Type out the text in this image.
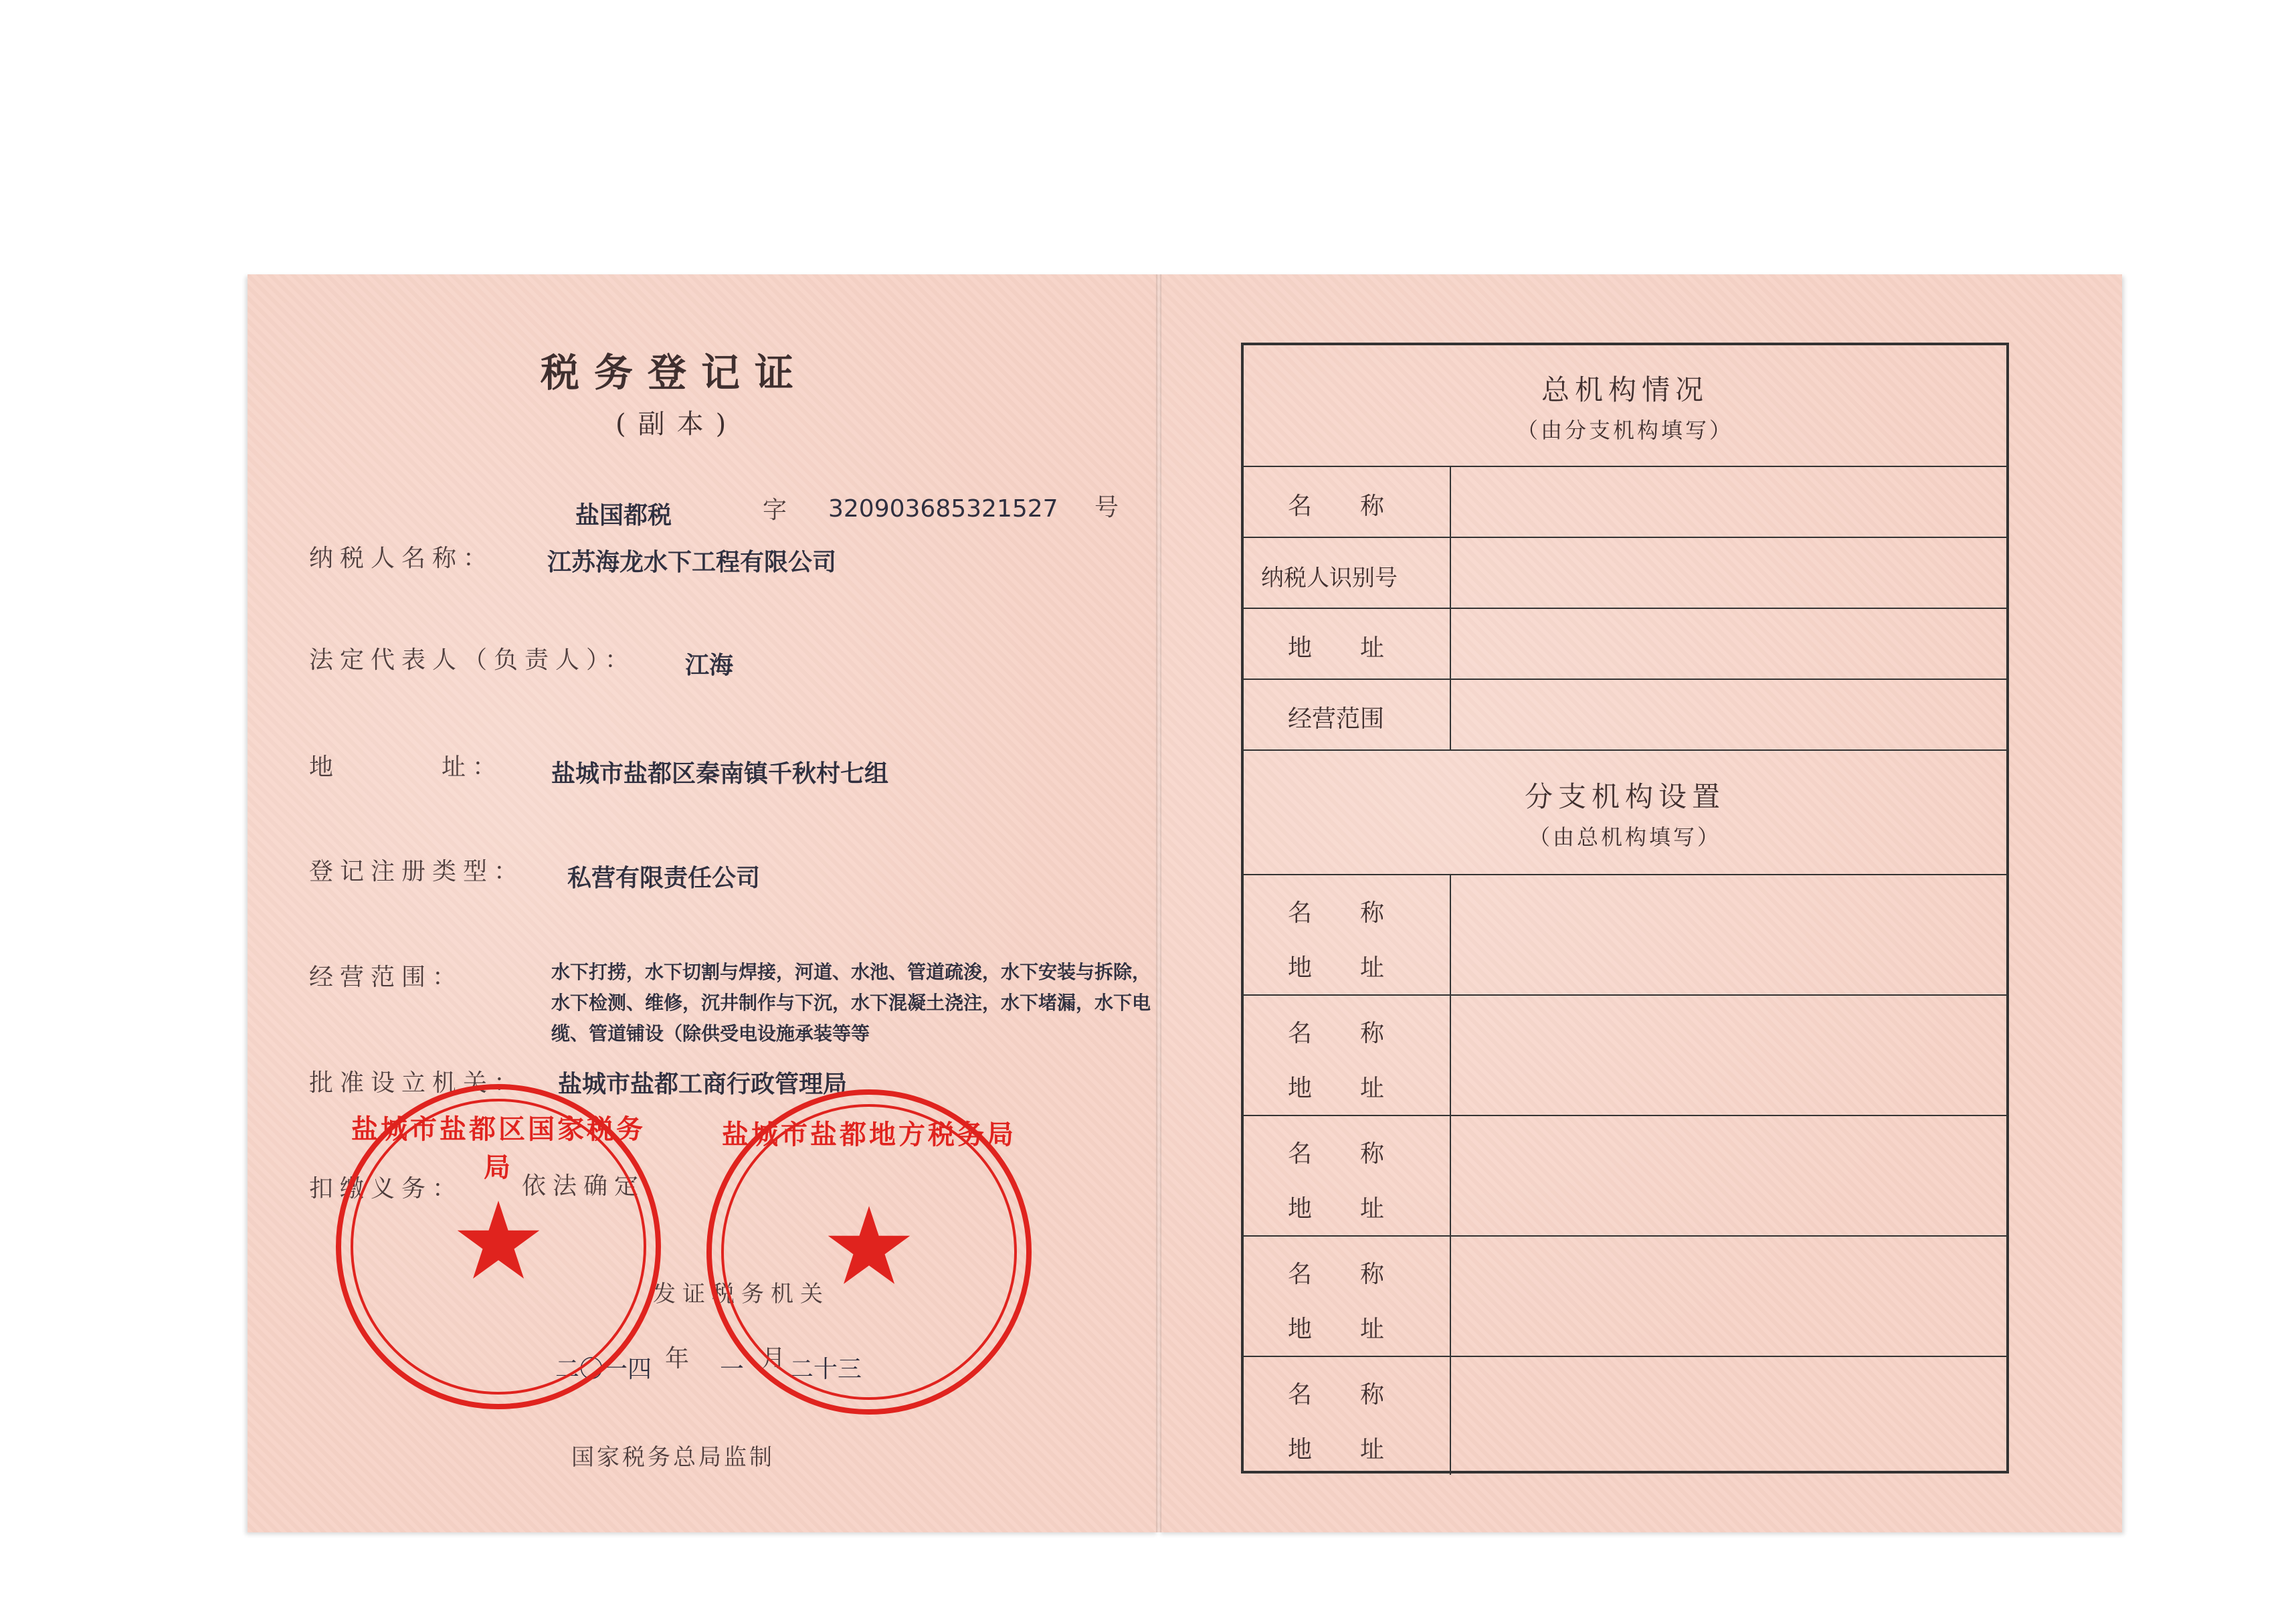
税务登记证
(副本)
盐国都税	字 320903685321527 号
纳税人名称： 江苏海龙水下工程有限公司
法定代表人（负责人）： 江海
地	址： 盐城市盐都区秦南镇千秋村七组
登记注册类型： 私营有限责任公司
经营范围：	水下打捞，水下切割与焊接，河道、水池、管道疏浚，水下安装与拆除，水下检测、维修，沉井制作与下沉，水下混凝土浇注，水下堵漏，水下电缆、管道铺设（除供受电设施承装等等
批准设立机关： 盐城市盐都工商行政管理局
扣缴义务： 依法确定
发证税务机关
二〇一四 年 一 月
二十三
国家税务总局监制
★
盐城市盐都区国家税务局
★
盐城市盐都地方税务局
总机构情况
（由分支机构填写）
名　　称
纳税人识别号
地　　址
经营范围
分支机构设置
（由总机构填写）
名　　称
地　　址
名　　称
地　　址
名　　称
地　　址
名　　称
地　　址
名　　称
地　　址
